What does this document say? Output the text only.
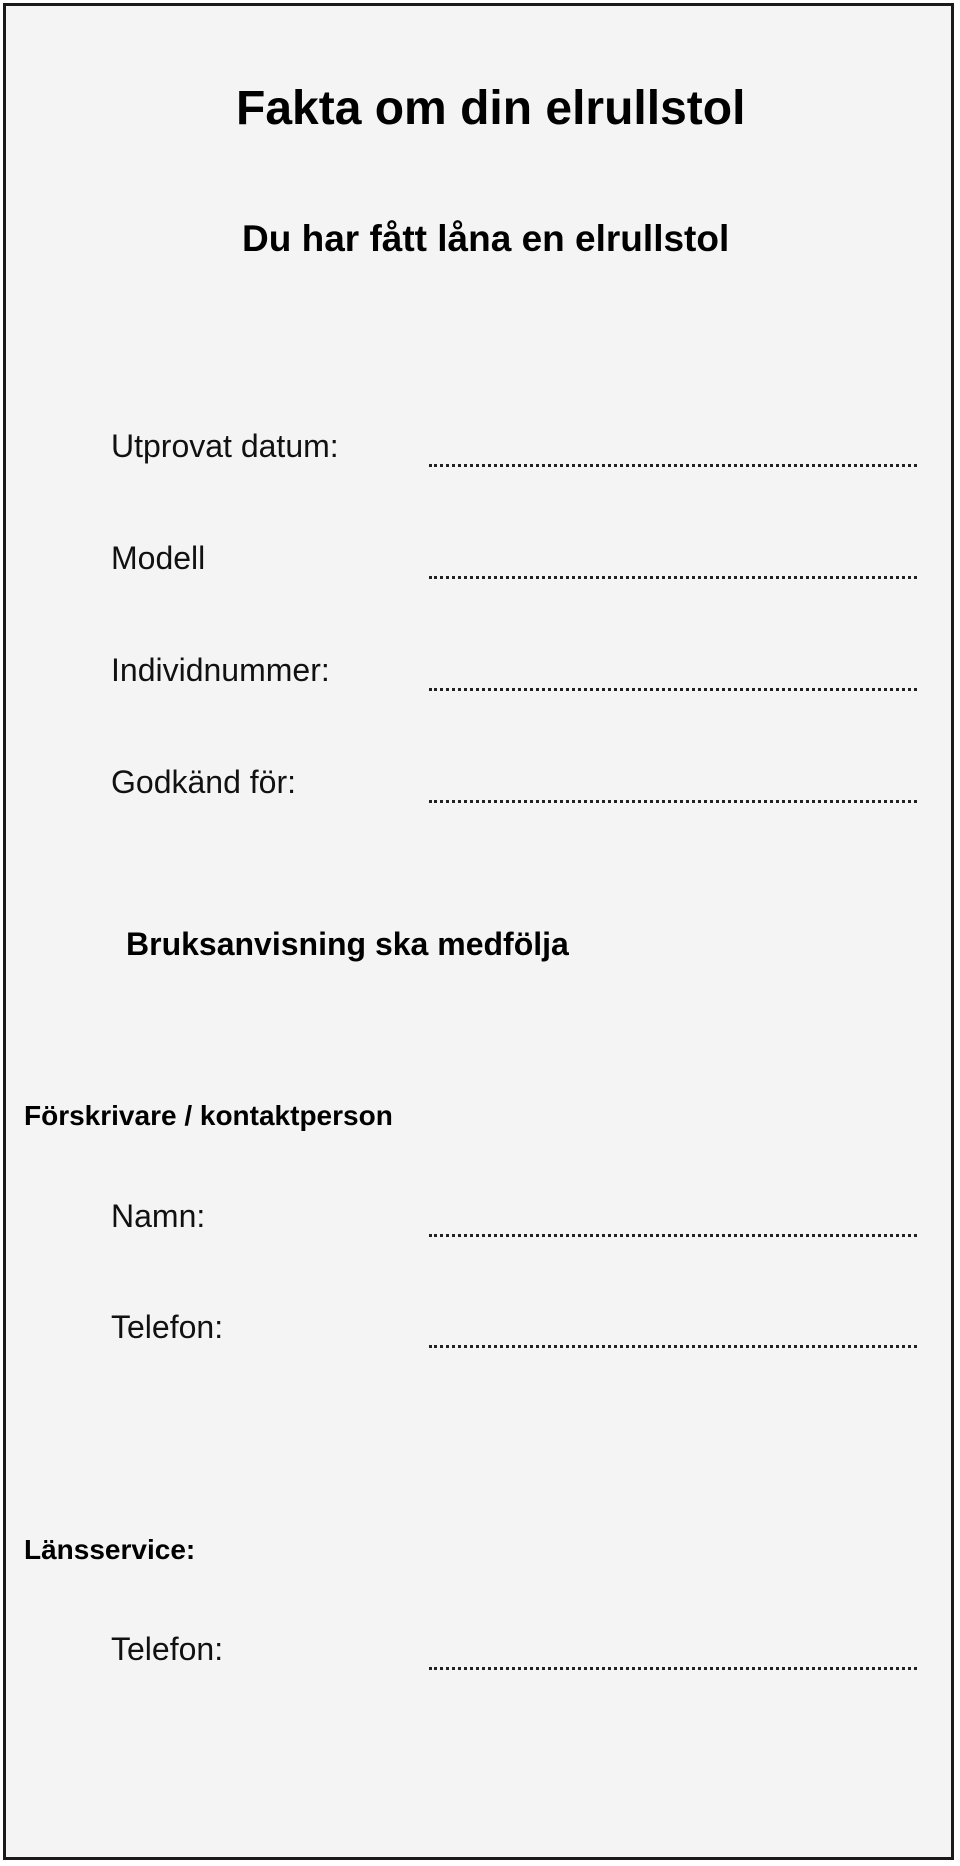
Fakta om din elrullstol
Du har fått låna en elrullstol
Utprovat datum:
Modell
Individnummer:
Godkänd för:
Bruksanvisning ska medfölja
Förskrivare / kontaktperson
Namn:
Telefon:
Länsservice:
Telefon:
